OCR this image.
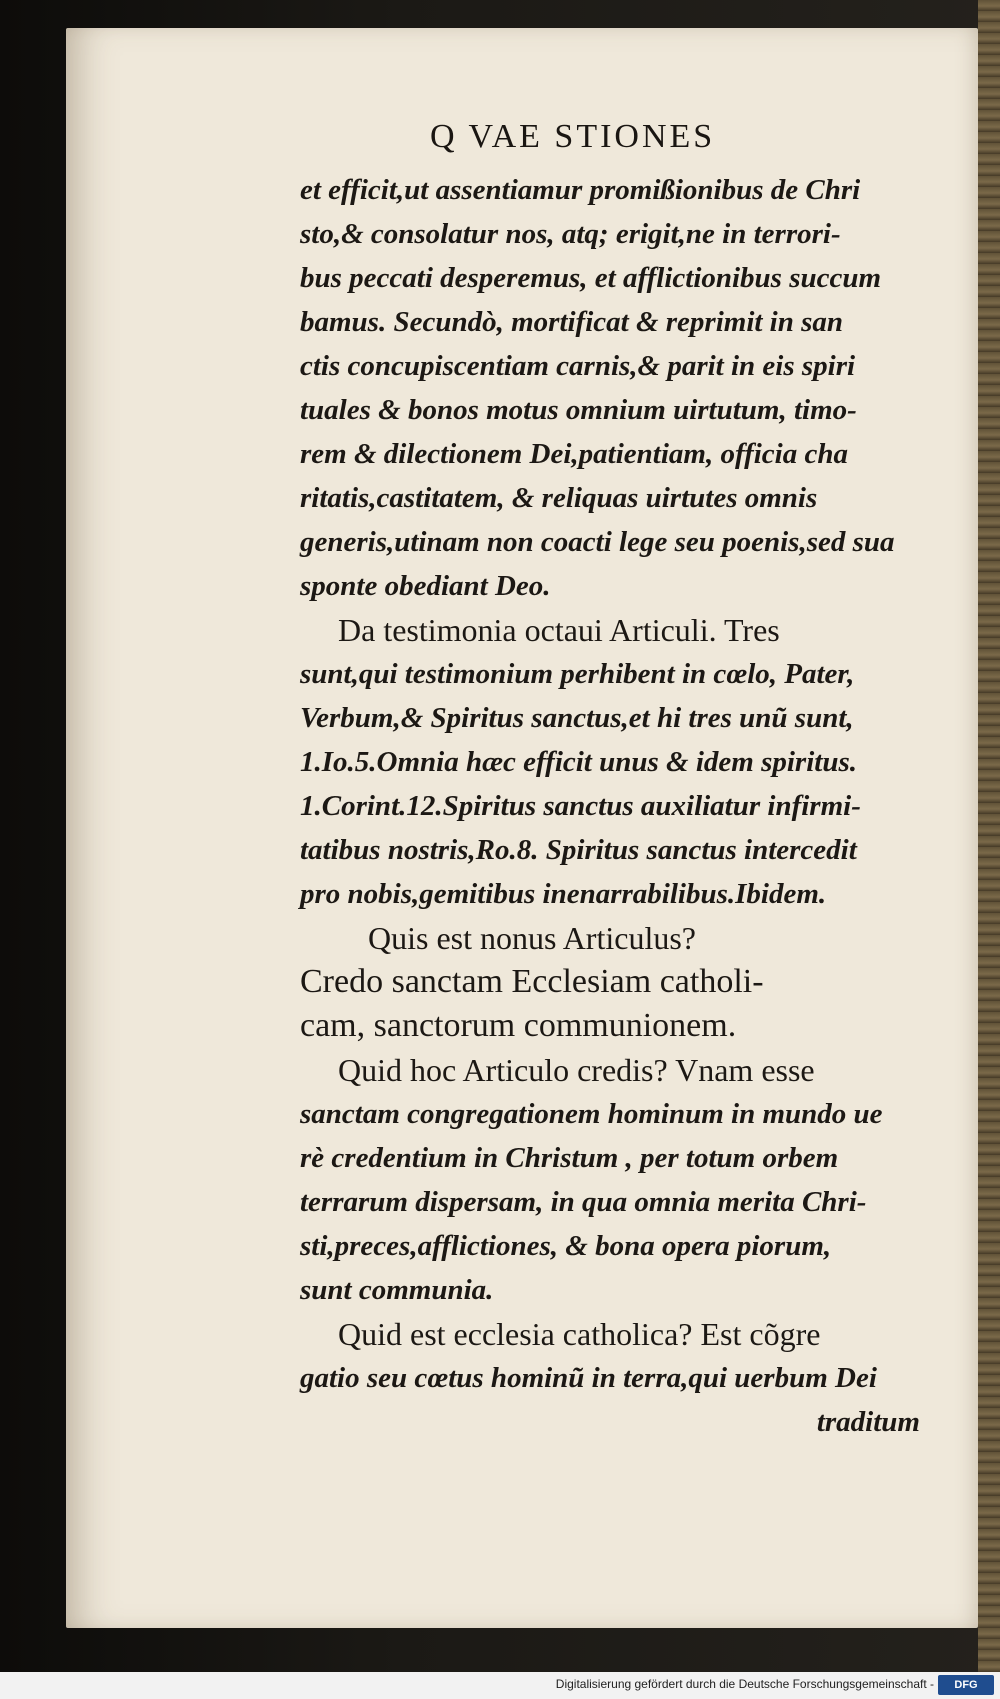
Q VAE STIONES
et efficit,ut assentiamur promißionibus de Chri
sto,& consolatur nos, atq; erigit,ne in terrori-
bus peccati desperemus, et afflictionibus succum
bamus. Secundò, mortificat & reprimit in san
ctis concupiscentiam carnis,& parit in eis spiri
tuales & bonos motus omnium uirtutum, timo-
rem & dilectionem Dei,patientiam, officia cha
ritatis,castitatem, & reliquas uirtutes omnis
generis,utinam non coacti lege seu poenis,sed sua
sponte obediant Deo.
Da testimonia octaui Articuli. Tres
sunt,qui testimonium perhibent in cœlo, Pater,
Verbum,& Spiritus sanctus,et hi tres unũ sunt,
1.Io.5.Omnia hæc efficit unus & idem spiritus.
1.Corint.12.Spiritus sanctus auxiliatur infirmi-
tatibus nostris,Ro.8. Spiritus sanctus intercedit
pro nobis,gemitibus inenarrabilibus.Ibidem.
Quis est nonus Articulus?
Credo sanctam Ecclesiam catholi-
cam, sanctorum communionem.
Quid hoc Articulo credis? Vnam esse
sanctam congregationem hominum in mundo ue
rè credentium in Christum , per totum orbem
terrarum dispersam, in qua omnia merita Chri-
sti,preces,afflictiones, & bona opera piorum,
sunt communia.
Quid est ecclesia catholica? Est cõgre
gatio seu cœtus hominũ in terra,qui uerbum Dei
traditum
Digitalisierung gefördert durch die Deutsche Forschungsgemeinschaft -	DFG
